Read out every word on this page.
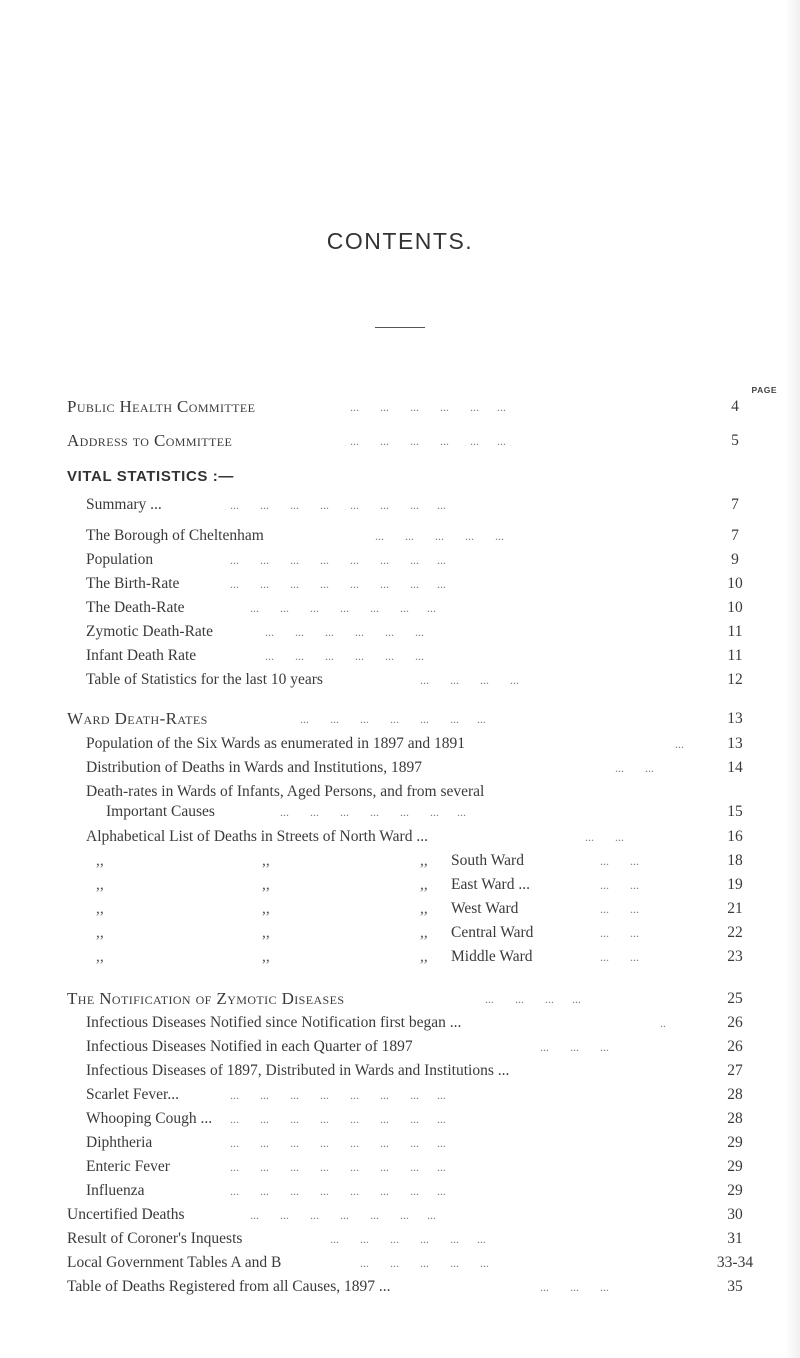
CONTENTS.
PAGE
Public Health Committee	...       ...       ...       ...       ...      ...	4
Address to Committee	...       ...       ...       ...       ...      ...	5
VITAL STATISTICS :—
Summary ...	...       ...       ...       ...       ...       ...       ...      ...	7
The Borough of Cheltenham	...       ...       ...       ...       ...	7
Population	...       ...       ...       ...       ...       ...       ...      ...	9
The Birth-Rate	...       ...       ...       ...       ...       ...       ...      ...	10
The Death-Rate	...       ...       ...       ...       ...       ...      ...	10
Zymotic Death-Rate	...       ...       ...       ...       ...       ...	11
Infant Death Rate	...       ...       ...       ...       ...       ...	11
Table of Statistics for the last 10 years	...       ...       ...       ...	12
Ward Death-Rates	...       ...       ...       ...       ...       ...      ...	13
Population of the Six Wards as enumerated in 1897 and 1891	...	13
Distribution of Deaths in Wards and Institutions, 1897	...       ...	14
Death-rates in Wards of Infants, Aged Persons, and from several
Important Causes	...       ...       ...       ...       ...       ...      ...	15
Alphabetical List of Deaths in Streets of North Ward ...	...       ...	16
,,	,,	,, South Ward	...       ...	18
,,	,,	,, East Ward ...	...       ...	19
,,	,,	,, West Ward	...       ...	21
,,	,,	,, Central Ward	...       ...	22
,,	,,	,, Middle Ward	...       ...	23
The Notification of Zymotic Diseases	...       ...       ...      ...	25
Infectious Diseases Notified since Notification first began ...	..	26
Infectious Diseases Notified in each Quarter of 1897	...       ...       ...	26
Infectious Diseases of 1897, Distributed in Wards and Institutions ...	27
Scarlet Fever...	...       ...       ...       ...       ...       ...       ...      ...	28
Whooping Cough ... ...       ...       ...       ...       ...       ...       ...      ...	28
Diphtheria	...       ...       ...       ...       ...       ...       ...      ...	29
Enteric Fever	...       ...       ...       ...       ...       ...       ...      ...	29
Influenza	...       ...       ...       ...       ...       ...       ...      ...	29
Uncertified Deaths	...       ...       ...       ...       ...       ...      ...	30
Result of Coroner's Inquests	...       ...       ...       ...       ...      ...	31
Local Government Tables A and B	...       ...       ...       ...       ...	33-34
Table of Deaths Registered from all Causes, 1897 ...	...       ...       ...	35
